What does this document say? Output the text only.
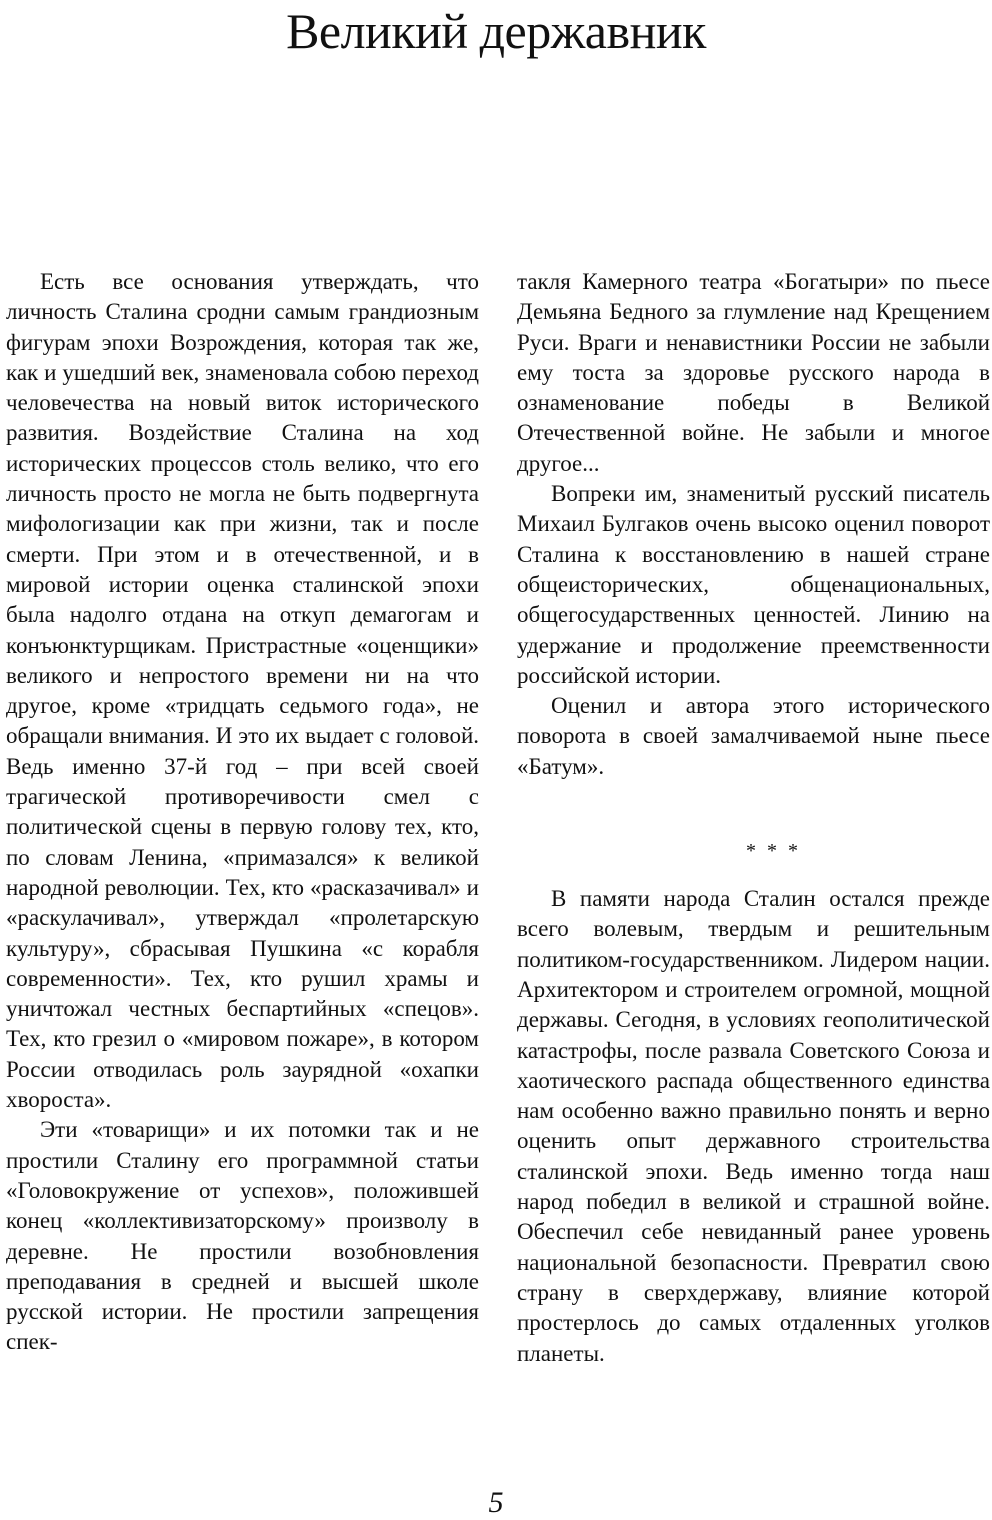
Великий державник

Есть все основания утверждать, что личность Сталина сродни самым грандиозным фигурам эпохи Возрождения, которая так же, как и ушедший век, знаменовала собою переход человечества на новый виток исторического развития. Воздействие Сталина на ход исторических процессов столь велико, что его личность просто не могла не быть подвергнута мифологизации как при жизни, так и после смерти. При этом и в отечественной, и в мировой истории оценка сталинской эпохи была надолго отдана на откуп демагогам и конъюнктурщикам. Пристрастные «оценщики» великого и непростого времени ни на что другое, кроме «тридцать седьмого года», не обращали внимания. И это их выдает с головой. Ведь именно 37-й год – при всей своей трагической противоречивости смел с политической сцены в первую голову тех, кто, по словам Ленина, «примазался» к великой народной революции. Тех, кто «расказачивал» и «раскулачивал», утверждал «пролетарскую культуру», сбрасывая Пушкина «с корабля современности». Тех, кто рушил храмы и уничтожал честных беспартийных «спецов». Тех, кто грезил о «мировом пожаре», в котором России отводилась роль заурядной «охапки хвороста».

Эти «товарищи» и их потомки так и не простили Сталину его программной статьи «Головокружение от успехов», положившей конец «коллективизаторскому» произволу в деревне. Не простили возобновления преподавания в средней и высшей школе русской истории. Не простили запрещения спек-

такля Камерного театра «Богатыри» по пьесе Демьяна Бедного за глумление над Крещением Руси. Враги и ненавистники России не забыли ему тоста за здоровье русского народа в ознаменование победы в Великой Отечественной войне. Не забыли и многое другое...

Вопреки им, знаменитый русский писатель Михаил Булгаков очень высоко оценил поворот Сталина к восстановлению в нашей стране общеисторических, общенациональных, общегосударственных ценностей. Линию на удержание и продолжение преемственности российской истории.

Оценил и автора этого исторического поворота в своей замалчиваемой ныне пьесе «Батум».

* * *

В памяти народа Сталин остался прежде всего волевым, твердым и решительным политиком-государственником. Лидером нации. Архитектором и строителем огромной, мощной державы. Сегодня, в условиях геополитической катастрофы, после развала Советского Союза и хаотического распада общественного единства нам особенно важно правильно понять и верно оценить опыт державного строительства сталинской эпохи. Ведь именно тогда наш народ победил в великой и страшной войне. Обеспечил себе невиданный ранее уровень национальной безопасности. Превратил свою страну в сверхдержаву, влияние которой простерлось до самых отдаленных уголков планеты.

5
